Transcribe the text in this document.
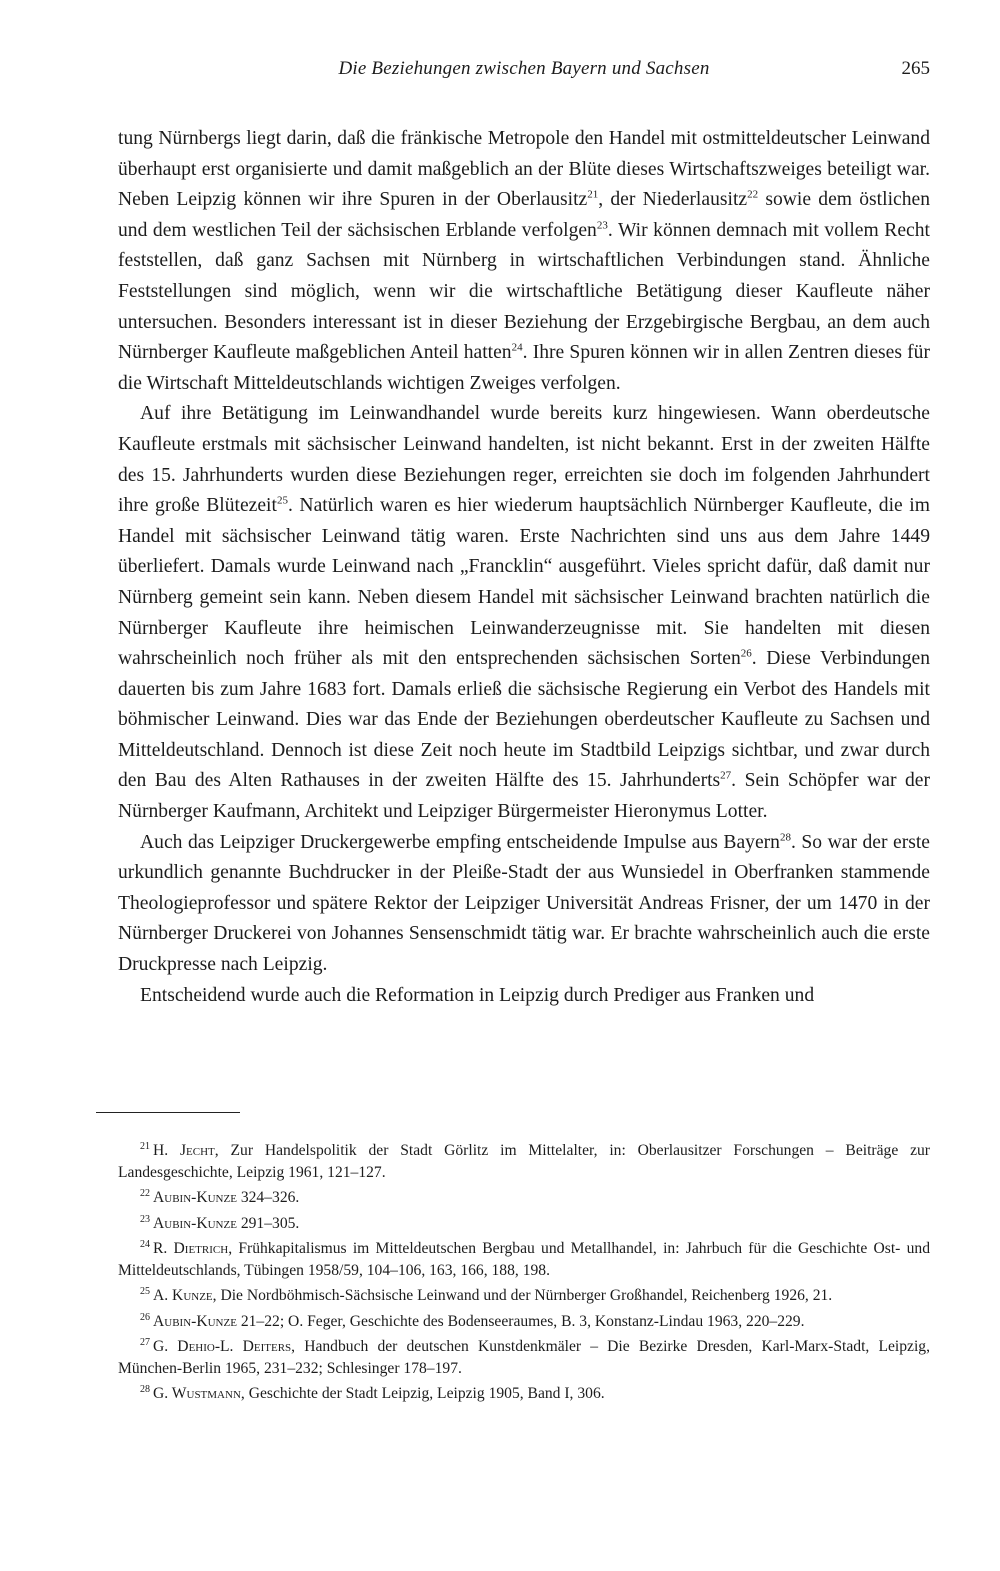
Die Beziehungen zwischen Bayern und Sachsen	265

tung Nürnbergs liegt darin, daß die fränkische Metropole den Handel mit ostmitteldeutscher Leinwand überhaupt erst organisierte und damit maßgeblich an der Blüte dieses Wirtschaftszweiges beteiligt war. Neben Leipzig können wir ihre Spuren in der Oberlausitz$^{21}$, der Niederlausitz$^{22}$ sowie dem östlichen und dem westlichen Teil der sächsischen Erblande verfolgen$^{23}$. Wir können demnach mit vollem Recht feststellen, daß ganz Sachsen mit Nürnberg in wirtschaftlichen Verbindungen stand. Ähnliche Feststellungen sind möglich, wenn wir die wirtschaftliche Betätigung dieser Kaufleute näher untersuchen. Besonders interessant ist in dieser Beziehung der Erzgebirgische Bergbau, an dem auch Nürnberger Kaufleute maßgeblichen Anteil hatten$^{24}$. Ihre Spuren können wir in allen Zentren dieses für die Wirtschaft Mitteldeutschlands wichtigen Zweiges verfolgen.

Auf ihre Betätigung im Leinwandhandel wurde bereits kurz hingewiesen. Wann oberdeutsche Kaufleute erstmals mit sächsischer Leinwand handelten, ist nicht bekannt. Erst in der zweiten Hälfte des 15. Jahrhunderts wurden diese Beziehungen reger, erreichten sie doch im folgenden Jahrhundert ihre große Blütezeit$^{25}$. Natürlich waren es hier wiederum hauptsächlich Nürnberger Kaufleute, die im Handel mit sächsischer Leinwand tätig waren. Erste Nachrichten sind uns aus dem Jahre 1449 überliefert. Damals wurde Leinwand nach „Francklin“ ausgeführt. Vieles spricht dafür, daß damit nur Nürnberg gemeint sein kann. Neben diesem Handel mit sächsischer Leinwand brachten natürlich die Nürnberger Kaufleute ihre heimischen Leinwanderzeugnisse mit. Sie handelten mit diesen wahrscheinlich noch früher als mit den entsprechenden sächsischen Sorten$^{26}$. Diese Verbindungen dauerten bis zum Jahre 1683 fort. Damals erließ die sächsische Regierung ein Verbot des Handels mit böhmischer Leinwand. Dies war das Ende der Beziehungen oberdeutscher Kaufleute zu Sachsen und Mitteldeutschland. Dennoch ist diese Zeit noch heute im Stadtbild Leipzigs sichtbar, und zwar durch den Bau des Alten Rathauses in der zweiten Hälfte des 15. Jahrhunderts$^{27}$. Sein Schöpfer war der Nürnberger Kaufmann, Architekt und Leipziger Bürgermeister Hieronymus Lotter.

Auch das Leipziger Druckergewerbe empfing entscheidende Impulse aus Bayern$^{28}$. So war der erste urkundlich genannte Buchdrucker in der Pleiße-Stadt der aus Wunsiedel in Oberfranken stammende Theologieprofessor und spätere Rektor der Leipziger Universität Andreas Frisner, der um 1470 in der Nürnberger Druckerei von Johannes Sensenschmidt tätig war. Er brachte wahrscheinlich auch die erste Druckpresse nach Leipzig.

Entscheidend wurde auch die Reformation in Leipzig durch Prediger aus Franken und

$^{21}$ H. Jecht, Zur Handelspolitik der Stadt Görlitz im Mittelalter, in: Oberlausitzer Forschungen – Beiträge zur Landesgeschichte, Leipzig 1961, 121–127.

$^{22}$ Aubin-Kunze 324–326.

$^{23}$ Aubin-Kunze 291–305.

$^{24}$ R. Dietrich, Frühkapitalismus im Mitteldeutschen Bergbau und Metallhandel, in: Jahrbuch für die Geschichte Ost- und Mitteldeutschlands, Tübingen 1958/59, 104–106, 163, 166, 188, 198.

$^{25}$ A. Kunze, Die Nordböhmisch-Sächsische Leinwand und der Nürnberger Großhandel, Reichenberg 1926, 21.

$^{26}$ Aubin-Kunze 21–22; O. Feger, Geschichte des Bodenseeraumes, B. 3, Konstanz-Lindau 1963, 220–229.

$^{27}$ G. Dehio-L. Deiters, Handbuch der deutschen Kunstdenkmäler – Die Bezirke Dresden, Karl-Marx-Stadt, Leipzig, München-Berlin 1965, 231–232; Schlesinger 178–197.

$^{28}$ G. Wustmann, Geschichte der Stadt Leipzig, Leipzig 1905, Band I, 306.
